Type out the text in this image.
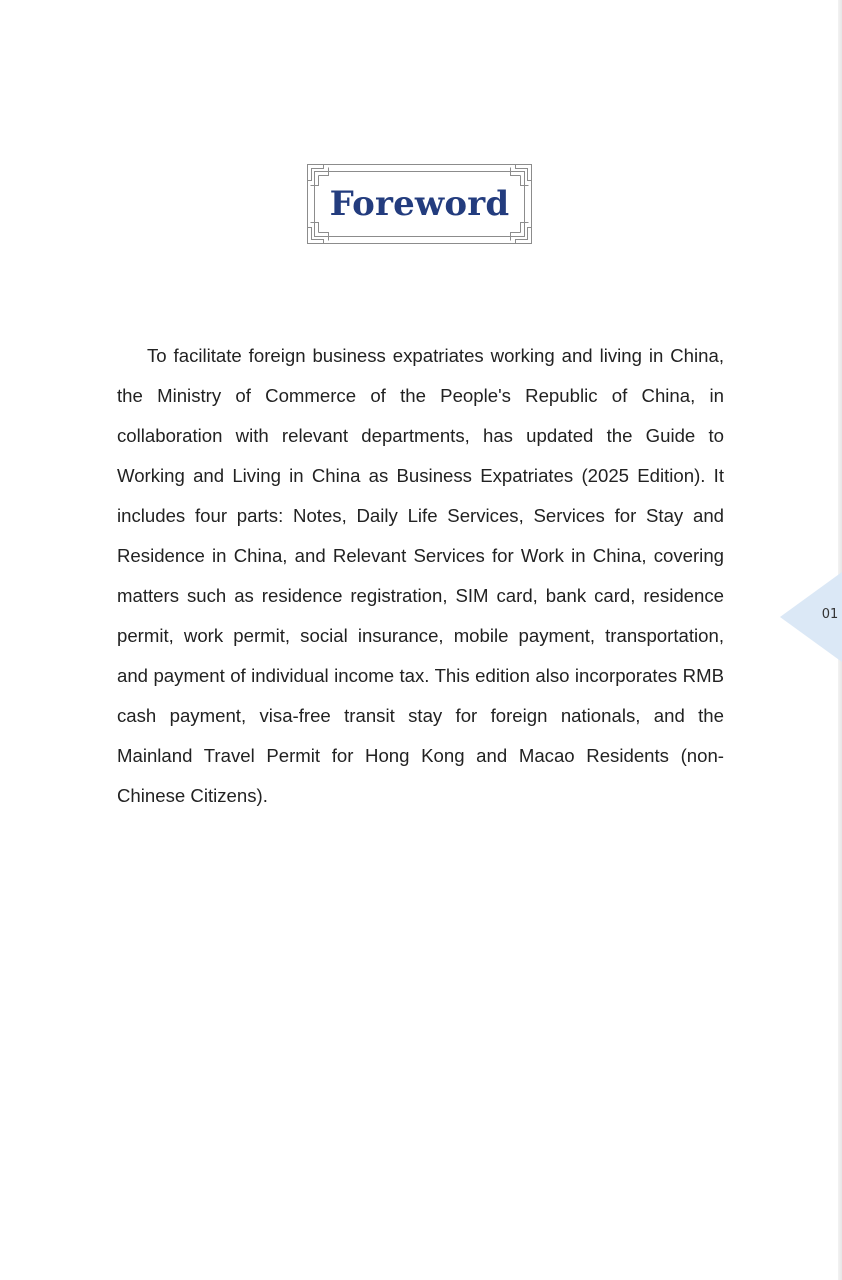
Foreword

To facilitate foreign business expatriates working and living in China, the Ministry of Commerce of the People's Republic of China, in collaboration with relevant departments, has updated the Guide to Working and Living in China as Business Expatriates (2025 Edition). It includes four parts: Notes, Daily Life Services, Services for Stay and Residence in China, and Relevant Services for Work in China, covering matters such as residence registration, SIM card, bank card, residence permit, work permit, social insurance, mobile payment, transportation, and payment of individual income tax. This edition also incorporates RMB cash payment, visa-free transit stay for foreign nationals, and the Mainland Travel Permit for Hong Kong and Macao Residents (non-Chinese Citizens).

01
